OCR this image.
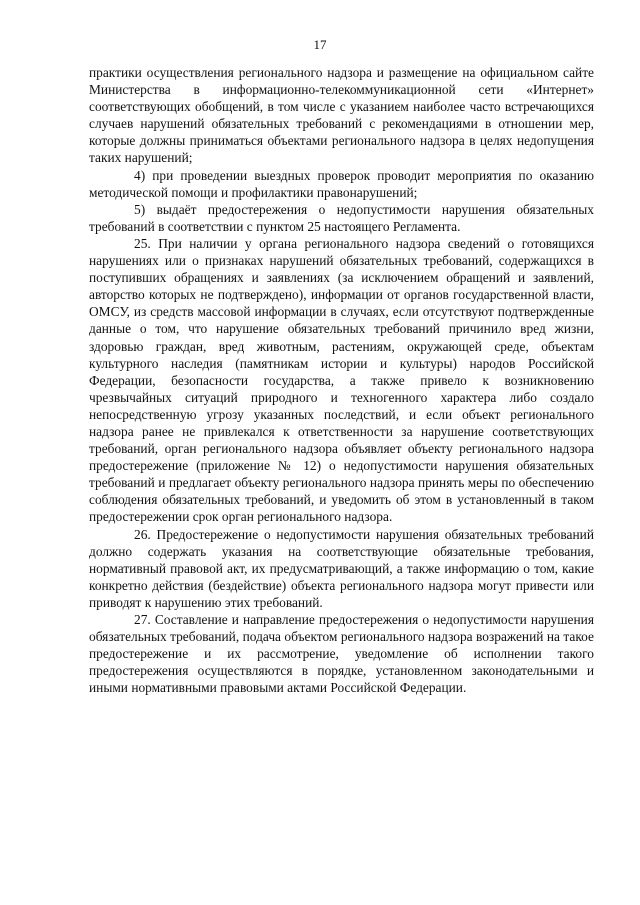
17

практики осуществления регионального надзора и размещение на официальном сайте Министерства в информационно-телекоммуникационной сети «Интернет» соответствующих обобщений, в том числе с указанием наиболее часто встречающихся случаев нарушений обязательных требований с рекомендациями в отношении мер, которые должны приниматься объектами регионального надзора в целях недопущения таких нарушений;

4) при проведении выездных проверок проводит мероприятия по оказанию методической помощи и профилактики правонарушений;

5) выдаёт предостережения о недопустимости нарушения обязательных требований в соответствии с пунктом 25 настоящего Регламента.

25. При наличии у органа регионального надзора сведений о готовящихся нарушениях или о признаках нарушений обязательных требований, содержащихся в поступивших обращениях и заявлениях (за исключением обращений и заявлений, авторство которых не подтверждено), информации от органов государственной власти, ОМСУ, из средств массовой информации в случаях, если отсутствуют подтвержденные данные о том, что нарушение обязательных требований причинило вред жизни, здоровью граждан, вред животным, растениям, окружающей среде, объектам культурного наследия (памятникам истории и культуры) народов Российской Федерации, безопасности государства, а также привело к возникновению чрезвычайных ситуаций природного и техногенного характера либо создало непосредственную угрозу указанных последствий, и если объект регионального надзора ранее не привлекался к ответственности за нарушение соответствующих требований, орган регионального надзора объявляет объекту регионального надзора предостережение (приложение № 12) о недопустимости нарушения обязательных требований и предлагает объекту регионального надзора принять меры по обеспечению соблюдения обязательных требований, и уведомить об этом в установленный в таком предостережении срок орган регионального надзора.

26. Предостережение о недопустимости нарушения обязательных требований должно содержать указания на соответствующие обязательные требования, нормативный правовой акт, их предусматривающий, а также информацию о том, какие конкретно действия (бездействие) объекта регионального надзора могут привести или приводят к нарушению этих требований.

27. Составление и направление предостережения о недопустимости нарушения обязательных требований, подача объектом регионального надзора возражений на такое предостережение и их рассмотрение, уведомление об исполнении такого предостережения осуществляются в порядке, установленном законодательными и иными нормативными правовыми актами Российской Федерации.
